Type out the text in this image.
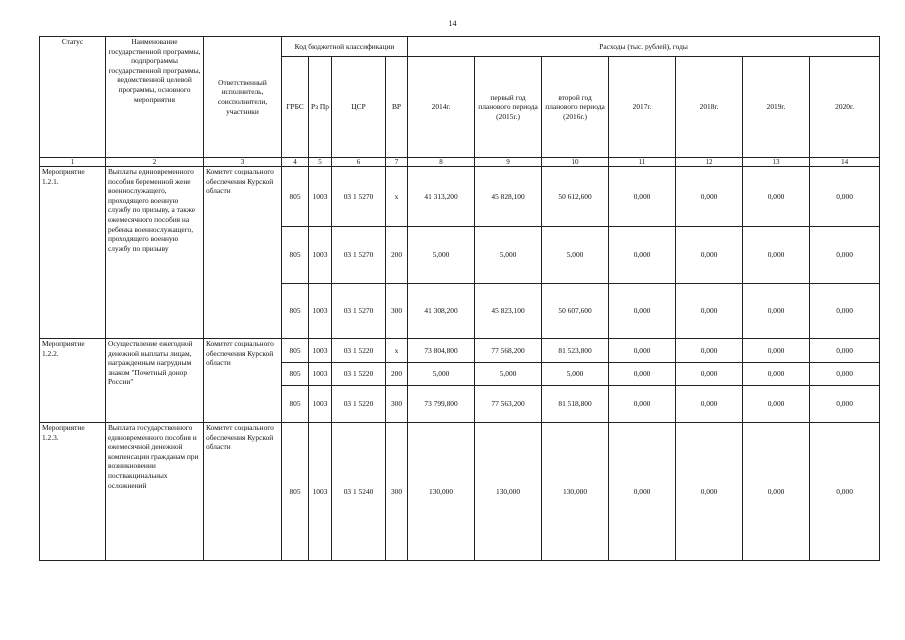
14
Статус	Наименование государственной программы, подпрограммы государственной программы, ведомственной целевой программы, основного мероприятия	Ответственный исполнитель, соисполнители, участники	Код бюджетной классификации				Расходы (тыс. рублей), годы						
			ГРБС	Рз Пр	ЦСР	ВР	2014г.	первый год планового периода (2015г.)	второй год планового периода (2016г.)	2017г.	2018г.	2019г.	2020г.
1	2	3	4	5	6	7	8	9	10	11	12	13	14
Мероприятие 1.2.1.	Выплаты единовременного пособия беременной жене военнослужащего, проходящего военную службу по призыву, а также ежемесячного пособия на ребенка военнослужащего, проходящего военную службу по призыву	Комитет социального обеспечения Курской области	805	1003	03 1 5270	х	41 313,200	45 828,100	50 612,600	0,000	0,000	0,000	0,000
			805	1003	03 1 5270	200	5,000	5,000	5,000	0,000	0,000	0,000	0,000
			805	1003	03 1 5270	300	41 308,200	45 823,100	50 607,600	0,000	0,000	0,000	0,000
Мероприятие 1.2.2.	Осуществление ежегодной денежной выплаты лицам, награжденным нагрудным знаком "Почетный донор России"	Комитет социального обеспечения Курской области	805	1003	03 1 5220	х	73 804,800	77 568,200	81 523,800	0,000	0,000	0,000	0,000
			805	1003	03 1 5220	200	5,000	5,000	5,000	0,000	0,000	0,000	0,000
			805	1003	03 1 5220	300	73 799,800	77 563,200	81 518,800	0,000	0,000	0,000	0,000
Мероприятие 1.2.3.	Выплата государственного единовременного пособия и ежемесячной денежной компенсации гражданам при возникновении поствакцинальных осложнений	Комитет социального обеспечения Курской области	805	1003	03 1 5240	300	130,000	130,000	130,000	0,000	0,000	0,000	0,000
